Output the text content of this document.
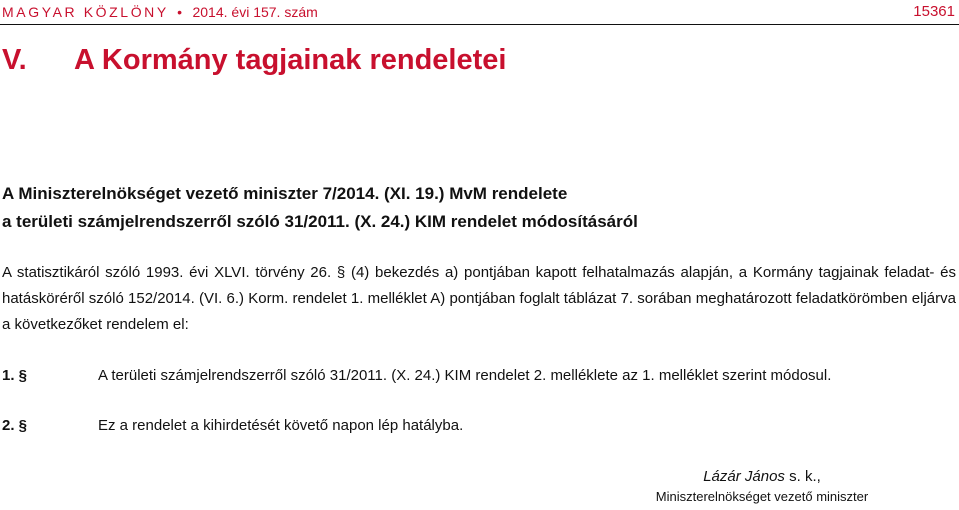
MAGYAR KÖZLÖNY • 2014. évi 157. szám	15361
V. A Kormány tagjainak rendeletei
A Miniszterelnökséget vezető miniszter 7/2014. (XI. 19.) MvM rendelete
a területi számjelrendszerről szóló 31/2011. (X. 24.) KIM rendelet módosításáról
A statisztikáról szóló 1993. évi XLVI. törvény 26. § (4) bekezdés a) pontjában kapott felhatalmazás alapján, a Kormány tagjainak feladat- és hatásköréről szóló 152/2014. (VI. 6.) Korm. rendelet 1. melléklet A) pontjában foglalt táblázat 7. sorában meghatározott feladatkörömben eljárva a következőket rendelem el:
1. §	A területi számjelrendszerről szóló 31/2011. (X. 24.) KIM rendelet 2. melléklete az 1. melléklet szerint módosul.
2. §	Ez a rendelet a kihirdetését követő napon lép hatályba.
Lázár János s. k.,
Miniszterelnökséget vezető miniszter
